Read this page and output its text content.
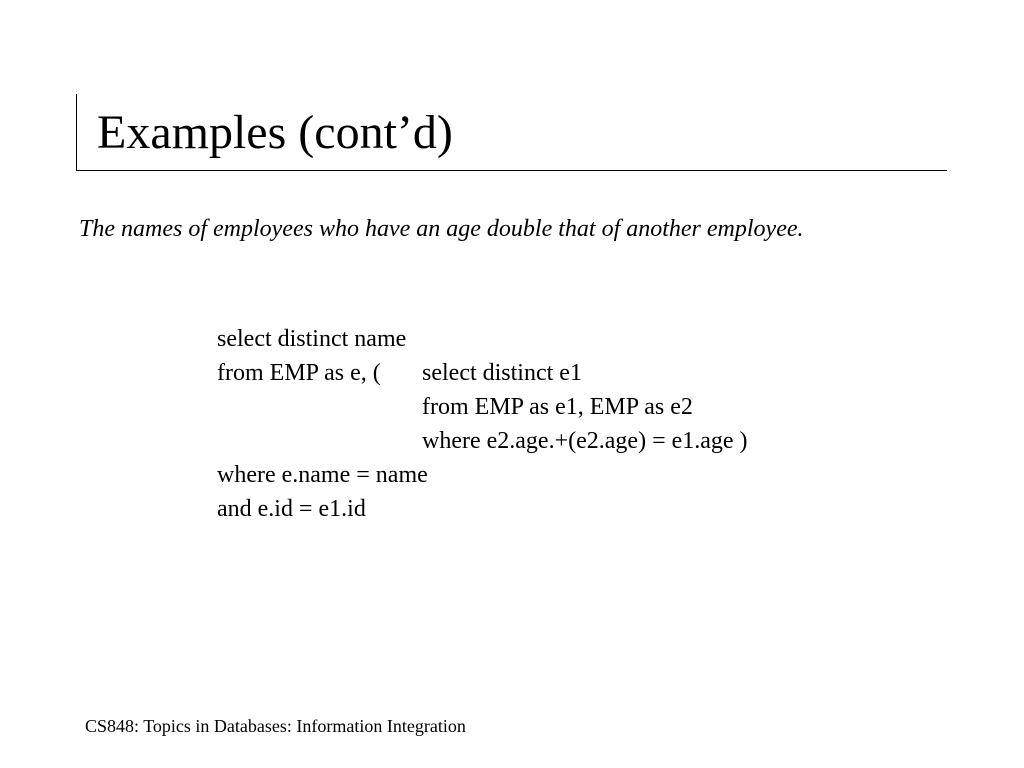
Examples (cont’d)
The names of employees who have an age double that of another employee.
select distinct name
from EMP as e, ( select distinct e1
from EMP as e1, EMP as e2
where e2.age.+(e2.age) = e1.age )
where e.name = name
and e.id = e1.id
CS848: Topics in Databases: Information Integration
